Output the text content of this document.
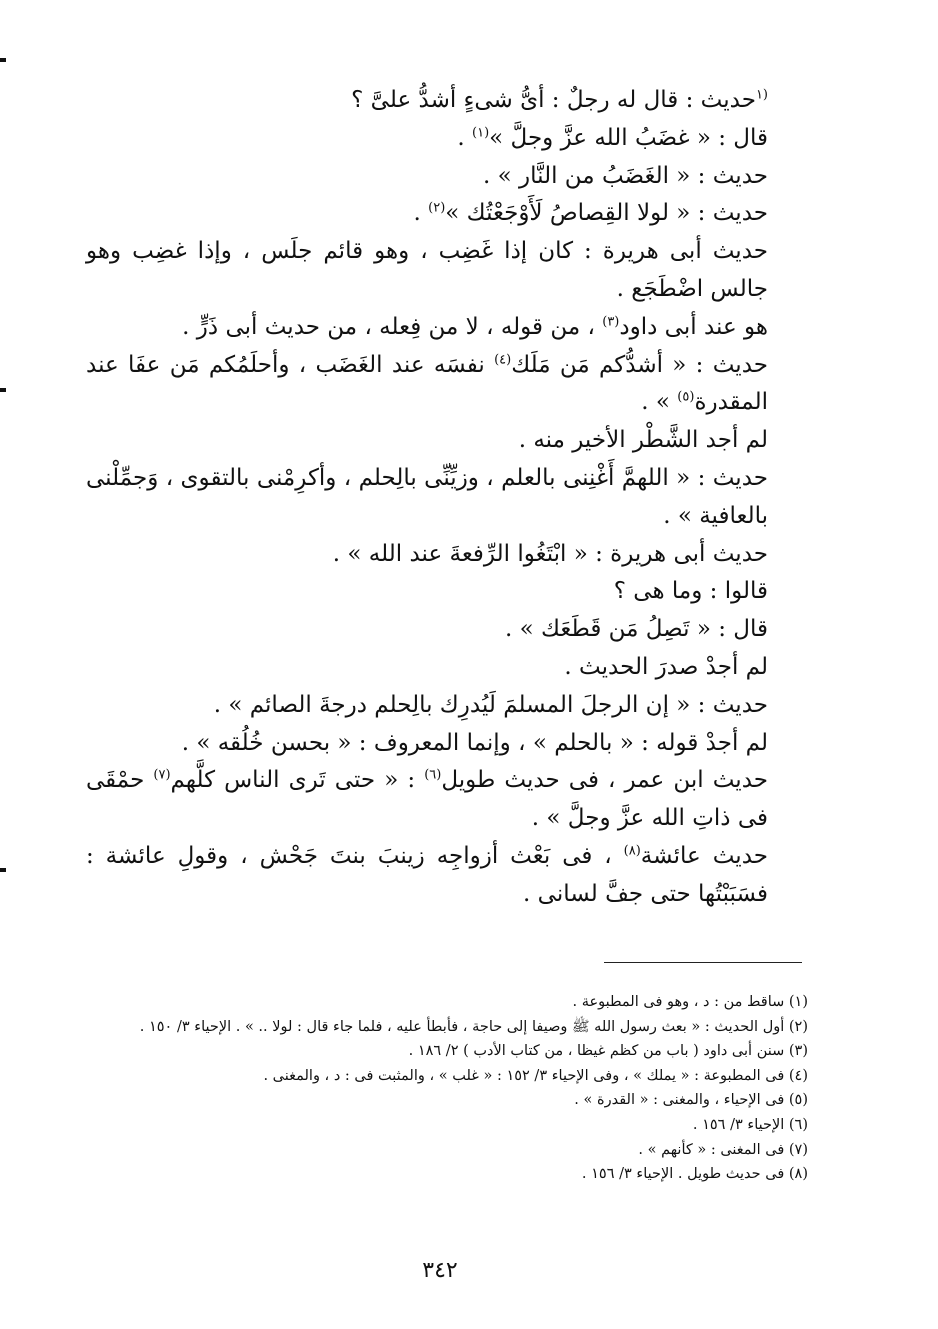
$^{(١}$حديث : قال له رجلٌ : أىُّ شىءٍ أشدُّ علىَّ ؟

قال : « غضَبُ الله عزَّ وجلَّ »$^{(١)}$ .

حديث : « الغَضَبُ من النَّار » .

حديث : « لولا القِصاصُ لَأَوْجَعْتُك »$^{(٢)}$ .

حديث أبى هريرة : كان إذا غَضِب ، وهو قائم جلَس ، وإذا غضِب وهو جالس اضْطَجَع .

هو عند أبى داود$^{(٣)}$ ، من قوله ، لا من فِعله ، من حديث أبى ذَرٍّ .

حديث : « أشدُّكم مَن مَلَك$^{(٤)}$ نفسَه عند الغَضَب ، وأحلَمُكم مَن عفَا عند المقدرة$^{(٥)}$ » .

لم أجد الشَّطْر الأخير منه .

حديث : « اللهمَّ أَغْنِنى بالعلم ، وزيِّنِّى بالِحلم ، وأكرِمْنى بالتقوى ، وَجمِّلْنى بالعافية » .

حديث أبى هريرة : « ابْتَغُوا الرِّفعةَ عند الله » .

قالوا : وما هى ؟

قال : « تَصِلُ مَن قَطَعَك » .

لم أجدْ صدرَ الحديث .

حديث : « إن الرجلَ المسلمَ لَيُدرِك بالِحلم درجةَ الصائم » .

لم أجدْ قوله : « بالحلم » ، وإنما المعروف : « بحسن خُلُقه » .

حديث ابن عمر ، فى حديث طويل$^{(٦)}$ : « حتى تَرى الناس كلَّهم$^{(٧)}$ حمْقَى فى ذاتِ الله عزَّ وجلَّ » .

حديث عائشة$^{(٨)}$ ، فى بَعْث أزواجِه زينبَ بنتَ جَحْش ، وقولِ عائشة : فسَبَبْتُها حتى جفَّ لسانى .

(١) ساقط من : د ، وهو فى المطبوعة .

(٢) أول الحديث : « بعث رسول الله ﷺ وصيفا إلى حاجة ، فأبطأ عليه ، فلما جاء قال : لولا .. » . الإحياء ٣/ ١٥٠ .

(٣) سنن أبى داود ( باب من كظم غيظا ، من كتاب الأدب ) ٢/ ١٨٦ .

(٤) فى المطبوعة : « يملك » ، وفى الإحياء ٣/ ١٥٢ : « غلب » ، والمثبت فى : د ، والمغنى .

(٥) فى الإحياء ، والمغنى : « القدرة » .

(٦) الإحياء ٣/ ١٥٦ .

(٧) فى المغنى : « كأنهم » .

(٨) فى حديث طويل . الإحياء ٣/ ١٥٦ .

٣٤٢
